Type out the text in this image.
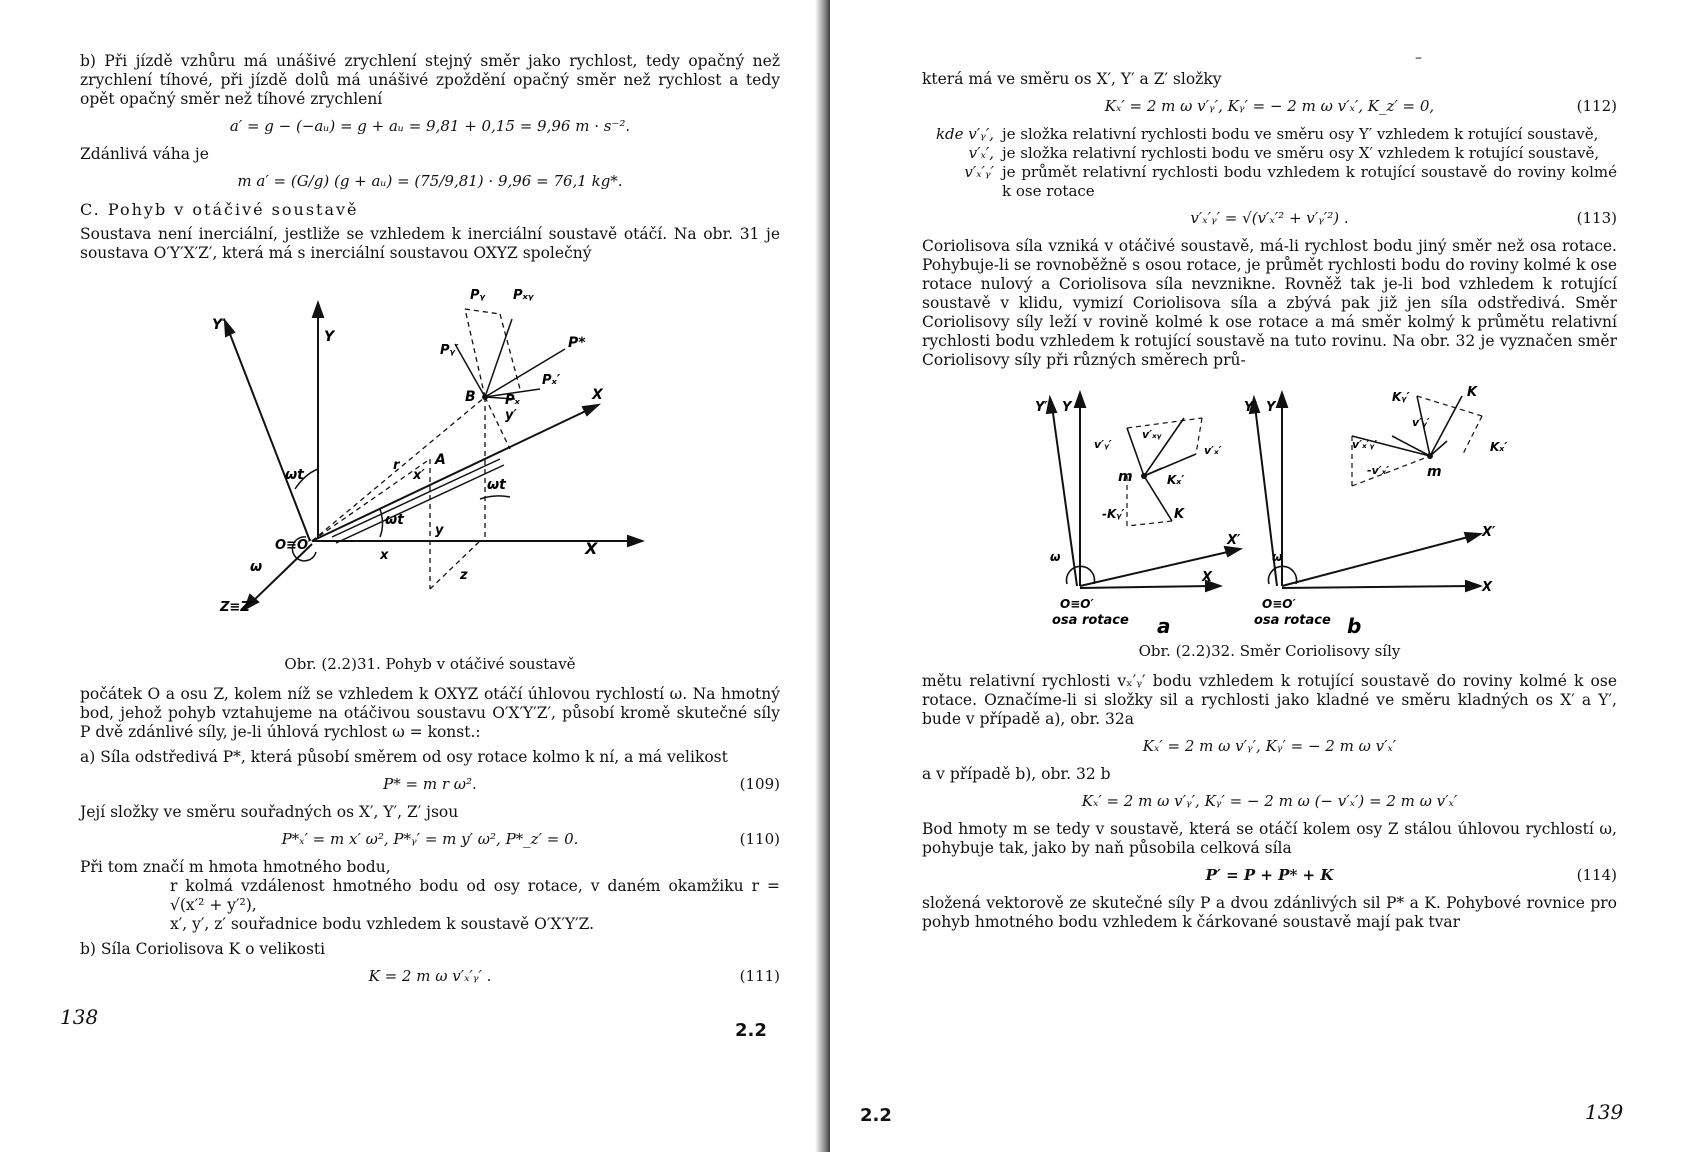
b) Při jízdě vzhůru má unášivé zrychlení stejný směr jako rychlost, tedy opačný než zrychlení tíhové, při jízdě dolů má unášivé zpoždění opačný směr než rychlost a tedy opět opačný směr než tíhové zrychlení

a′ = g − (−aᵤ) = g + aᵤ = 9,81 + 0,15 = 9,96 m · s⁻².

Zdánlivá váha je

m a′ = (G/g) (g + aᵤ) = (75/9,81) · 9,96 = 76,1 kg*.
C. Pohyb v otáčivé soustavě

Soustava není inerciální, jestliže se vzhledem k inerciální soustavě otáčí. Na obr. 31 je soustava O′Y′X′Z′, která má s inerciální soustavou OXYZ společný

Y
Y′
X
X
Z≡Z′
O≡O′
ωt
ωt
ωt
ω
B
A
r
x
x′
y
y′
z
Pᵧ Pₓᵧ
P*
Pᵧ′
Pₓ′
Pₓ
Obr. (2.2)31. Pohyb v otáčivé soustavě

počátek O a osu Z, kolem níž se vzhledem k OXYZ otáčí úhlovou rychlostí ω. Na hmotný bod, jehož pohyb vztahujeme na otáčivou soustavu O′X′Y′Z′, působí kromě skutečné síly P dvě zdánlivé síly, je-li úhlová rychlost ω = konst.:

a) Síla odstředivá P*, která působí směrem od osy rotace kolmo k ní, a má velikost

P* = m r ω².	(109)

Její složky ve směru souřadných os X′, Y′, Z′ jsou

P*ₓ′ = m x′ ω², P*ᵧ′ = m y′ ω², P*_z′ = 0.	(110)

Při tom značí m hmota hmotného bodu,

r kolmá vzdálenost hmotného bodu od osy rotace, v daném okamžiku r = √(x′² + y′²),

x′, y′, z′ souřadnice bodu vzhledem k soustavě O′X′Y′Z.

b) Síla Coriolisova K o velikosti

K = 2 m ω v′ₓ′ᵧ′ .	(111)
138
2.2
–

která má ve směru os X′, Y′ a Z′ složky

Kₓ′ = 2 m ω v′ᵧ′, Kᵧ′ = − 2 m ω v′ₓ′, K_z′ = 0,	(112)
kde v′ᵧ′, je složka relativní rychlosti bodu ve směru osy Y′ vzhledem k rotující soustavě,
v′ₓ′, je složka relativní rychlosti bodu ve směru osy X′ vzhledem k rotující soustavě,
v′ₓ′ᵧ′ je průmět relativní rychlosti bodu vzhledem k rotující soustavě do roviny kolmé k ose rotace
v′ₓ′ᵧ′ = √(v′ₓ′² + v′ᵧ′²) .	(113)

Coriolisova síla vzniká v otáčivé soustavě, má-li rychlost bodu jiný směr než osa rotace. Pohybuje-li se rovnoběžně s osou rotace, je průmět rychlosti bodu do roviny kolmé k ose rotace nulový a Coriolisova síla nevznikne. Rovněž tak je-li bod vzhledem k rotující soustavě v klidu, vymizí Coriolisova síla a zbývá pak již jen síla odstředivá. Směr Coriolisovy síly leží v rovině kolmé k ose rotace a má směr kolmý k průmětu relativní rychlosti bodu vzhledem k rotující soustavě na tuto rovinu. Na obr. 32 je vyznačen směr Coriolisovy síly při různých směrech prů-

Y′ Y
X
X′
O≡O′
osa rotace
ω
m
v′ᵧ′
v′ₓᵧ
v′ₓ′
Kₓ′
-Kᵧ′	K
a
Y′ Y
X
X′
O≡O′
osa rotace
ω
m
Kᵧ′	K
Kₓ′
-v′ₓ′
v′ₓ′ᵧ′
v′ᵧ′
b
Obr. (2.2)32. Směr Coriolisovy síly

mětu relativní rychlosti vₓ′ᵧ′ bodu vzhledem k rotující soustavě do roviny kolmé k ose rotace. Označíme-li si složky sil a rychlosti jako kladné ve směru kladných os X′ a Y′, bude v případě a), obr. 32a

Kₓ′ = 2 m ω v′ᵧ′, Kᵧ′ = − 2 m ω v′ₓ′

a v případě b), obr. 32 b

Kₓ′ = 2 m ω v′ᵧ′, Kᵧ′ = − 2 m ω (− v′ₓ′) = 2 m ω v′ₓ′

Bod hmoty m se tedy v soustavě, která se otáčí kolem osy Z stálou úhlovou rychlostí ω, pohybuje tak, jako by naň působila celková síla

P′ = P + P* + K	(114)

složená vektorově ze skutečné síly P a dvou zdánlivých sil P* a K. Pohybové rovnice pro pohyb hmotného bodu vzhledem k čárkované soustavě mají pak tvar

2.2	139
